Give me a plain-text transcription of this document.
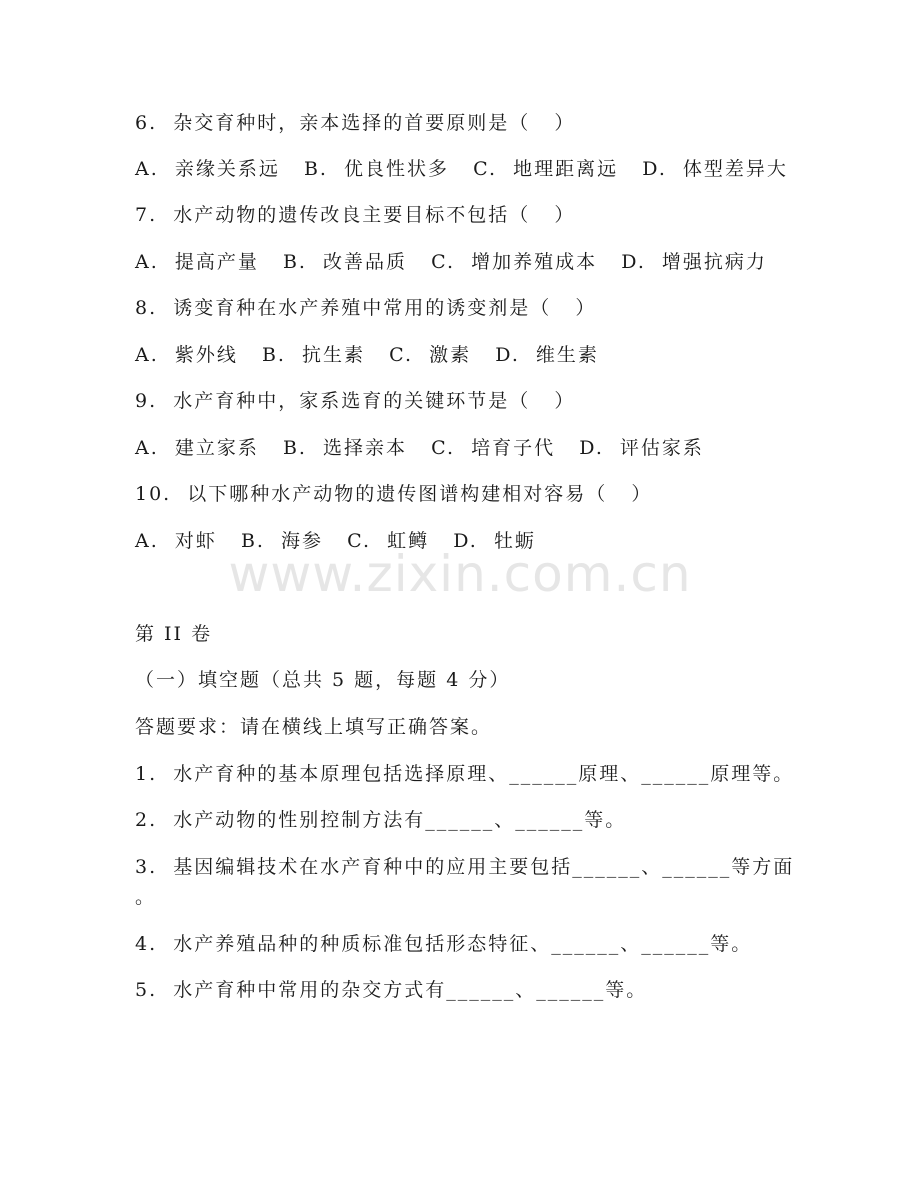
6.  杂交育种时，亲本选择的首要原则是（   ）
A.  亲缘关系远   B.  优良性状多   C.  地理距离远   D.  体型差异大
7.  水产动物的遗传改良主要目标不包括（   ）
A.  提高产量   B.  改善品质   C.  增加养殖成本   D.  增强抗病力
8.  诱变育种在水产养殖中常用的诱变剂是（   ）
A.  紫外线   B.  抗生素   C.  激素   D.  维生素
9.  水产育种中，家系选育的关键环节是（   ）
A.  建立家系   B.  选择亲本   C.  培育子代   D.  评估家系
10.  以下哪种水产动物的遗传图谱构建相对容易（   ）
A.  对虾   B.  海参   C.  虹鳟   D.  牡蛎
www.zixin.com.cn
第 II 卷
（一）填空题（总共 5 题，每题 4 分）
答题要求：请在横线上填写正确答案。
1.  水产育种的基本原理包括选择原理、______原理、______原理等。
2.  水产动物的性别控制方法有______、______等。
3.  基因编辑技术在水产育种中的应用主要包括______、______等方面
。
4.  水产养殖品种的种质标准包括形态特征、______、______等。
5.  水产育种中常用的杂交方式有______、______等。
